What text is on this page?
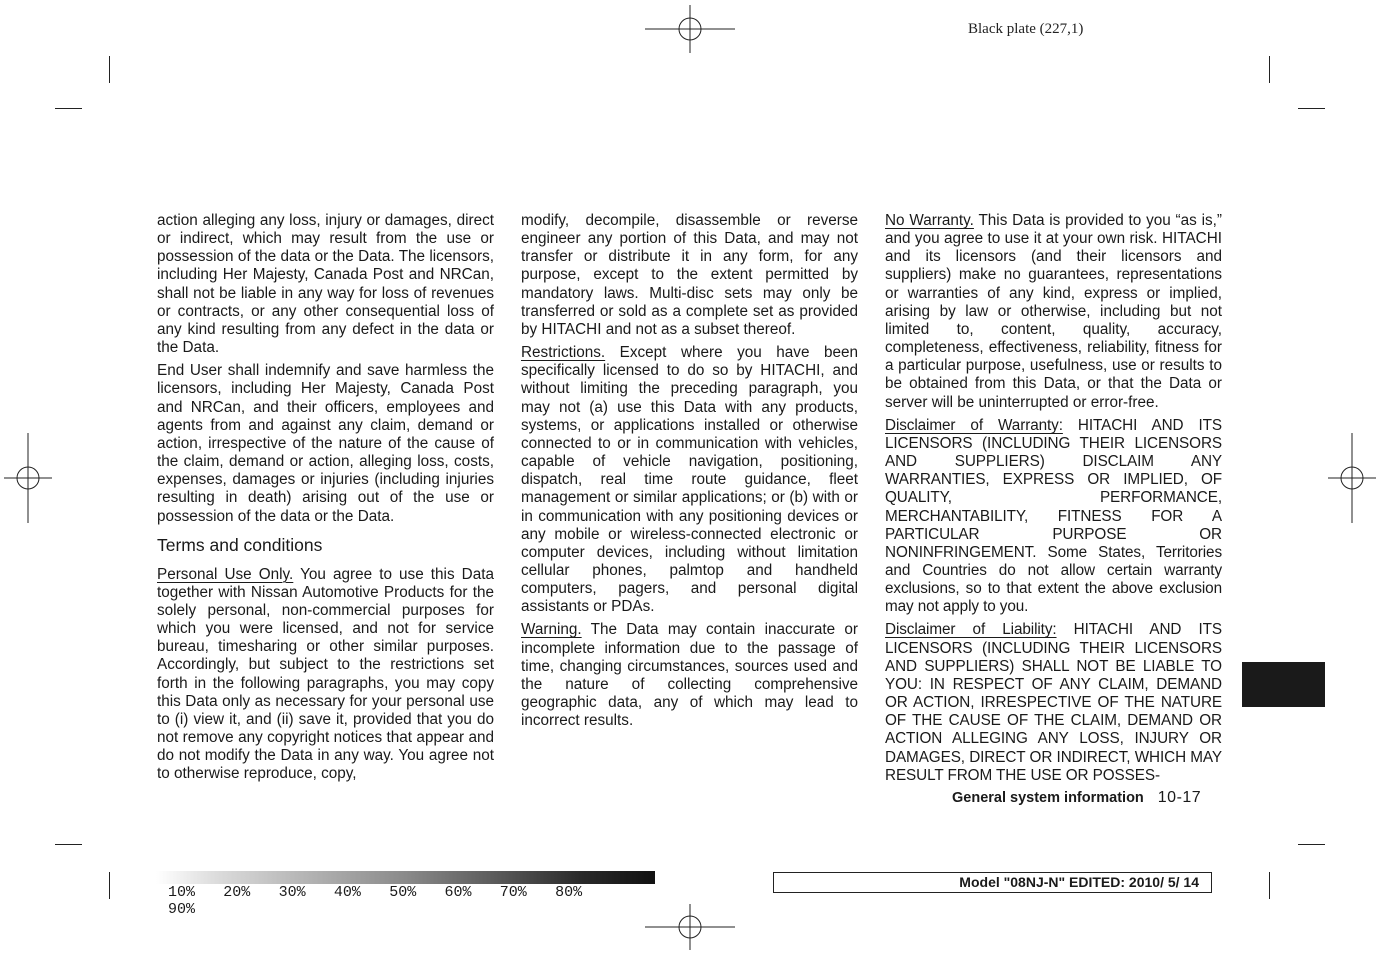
Black plate (227,1)

action alleging any loss, injury or damages, direct or indirect, which may result from the use or possession of the data or the Data. The licensors, including Her Majesty, Canada Post and NRCan, shall not be liable in any way for loss of revenues or contracts, or any other consequential loss of any kind resulting from any defect in the data or the Data.

End User shall indemnify and save harmless the licensors, including Her Majesty, Canada Post and NRCan, and their officers, employees and agents from and against any claim, demand or action, irrespective of the nature of the cause of the claim, demand or action, alleging loss, costs, expenses, damages or injuries (including injuries resulting in death) arising out of the use or possession of the data or the Data.

Terms and conditions

Personal Use Only. You agree to use this Data together with Nissan Automotive Products for the solely personal, non-commercial purposes for which you were licensed, and not for service bureau, timesharing or other similar purposes. Accordingly, but subject to the restrictions set forth in the following paragraphs, you may copy this Data only as necessary for your personal use to (i) view it, and (ii) save it, provided that you do not remove any copyright notices that appear and do not modify the Data in any way. You agree not to otherwise reproduce, copy,

modify, decompile, disassemble or reverse engineer any portion of this Data, and may not transfer or distribute it in any form, for any purpose, except to the extent permitted by mandatory laws. Multi-disc sets may only be transferred or sold as a complete set as provided by HITACHI and not as a subset thereof.

Restrictions. Except where you have been specifically licensed to do so by HITACHI, and without limiting the preceding paragraph, you may not (a) use this Data with any products, systems, or applications installed or otherwise connected to or in communication with vehicles, capable of vehicle navigation, positioning, dispatch, real time route guidance, fleet management or similar applications; or (b) with or in communication with any positioning devices or any mobile or wireless-connected electronic or computer devices, including without limitation cellular phones, palmtop and handheld computers, pagers, and personal digital assistants or PDAs.

Warning. The Data may contain inaccurate or incomplete information due to the passage of time, changing circumstances, sources used and the nature of collecting comprehensive geographic data, any of which may lead to incorrect results.

No Warranty. This Data is provided to you “as is,” and you agree to use it at your own risk. HITACHI and its licensors (and their licensors and suppliers) make no guarantees, representations or warranties of any kind, express or implied, arising by law or otherwise, including but not limited to, content, quality, accuracy, completeness, effectiveness, reliability, fitness for a particular purpose, usefulness, use or results to be obtained from this Data, or that the Data or server will be uninterrupted or error-free.

Disclaimer of Warranty: HITACHI AND ITS LICENSORS (INCLUDING THEIR LICENSORS AND SUPPLIERS) DISCLAIM ANY WARRANTIES, EXPRESS OR IMPLIED, OF QUALITY, PERFORMANCE, MERCHANTABILITY, FITNESS FOR A PARTICULAR PURPOSE OR NONINFRINGEMENT. Some States, Territories and Countries do not allow certain warranty exclusions, so to that extent the above exclusion may not apply to you.

Disclaimer of Liability: HITACHI AND ITS LICENSORS (INCLUDING THEIR LICENSORS AND SUPPLIERS) SHALL NOT BE LIABLE TO YOU: IN RESPECT OF ANY CLAIM, DEMAND OR ACTION, IRRESPECTIVE OF THE NATURE OF THE CAUSE OF THE CLAIM, DEMAND OR ACTION ALLEGING ANY LOSS, INJURY OR DAMAGES, DIRECT OR INDIRECT, WHICH MAY RESULT FROM THE USE OR POSSES-

General system information 10-17
10% 20% 30% 40% 50% 60% 70% 80%90%
Model "08NJ-N" EDITED: 2010/ 5/ 14
